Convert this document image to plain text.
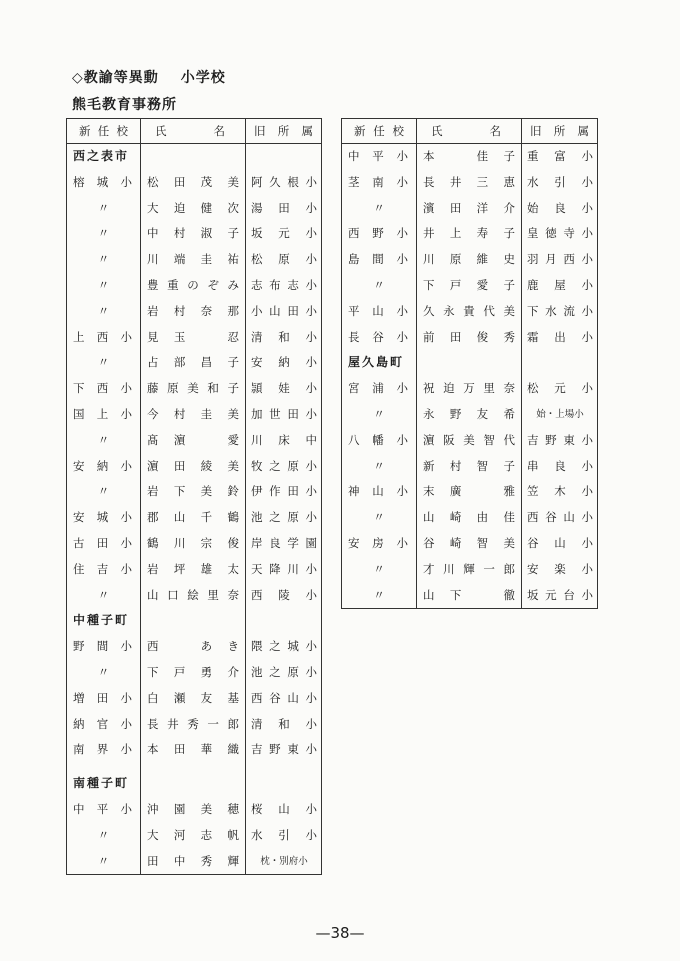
◇教諭等異動 小学校
熊毛教育事務所
新任校	氏　　名	旧所属

西之表市		

榕城小	松田茂美	阿久根小

〃	大迫健次	湯田小

〃	中村淑子	坂元小

〃	川端圭祐	松原小

〃	豊重のぞみ	志布志小

〃	岩村奈那	小山田小

上西小	見玉　忍	清和小

〃	占部昌子	安納小

下西小	藤原美和子	頴娃小

国上小	今村圭美	加世田小

〃	髙濵　愛	川床中

安納小	濵田綾美	牧之原小

〃	岩下美鈴	伊作田小

安城小	郡山千鶴	池之原小

古田小	鶴川宗俊	岸良学園

住吉小	岩坪雄太	天降川小

〃	山口絵里奈	西陵小

中種子町		

野間小	西　あき	隈之城小

〃	下戸勇介	池之原小

増田小	白瀬友基	西谷山小

納官小	長井秀一郎	清和小

南界小	本田華織	吉野東小

南種子町		

中平小	沖園美穂	桜山小

〃	大河志帆	水引小

〃	田中秀輝	枕・別府小
新任校	氏　　名	旧所属

中平小	本　佳子	重富小

茎南小	長井三恵	水引小

〃	濱田洋介	始良小

西野小	井上寿子	皇徳寺小

島間小	川原維史	羽月西小

〃	下戸愛子	鹿屋小

平山小	久永貴代美	下水流小

長谷小	前田俊秀	霜出小

屋久島町		

宮浦小	祝迫万里奈	松元小

〃	永野友希	始・上場小

八幡小	濵阪美智代	吉野東小

〃	新村智子	串良小

神山小	末廣　雅	笠木小

〃	山崎由佳	西谷山小

安房小	谷崎智美	谷山小

〃	才川輝一郎	安楽小

〃	山下　徹	坂元台小
—38—
